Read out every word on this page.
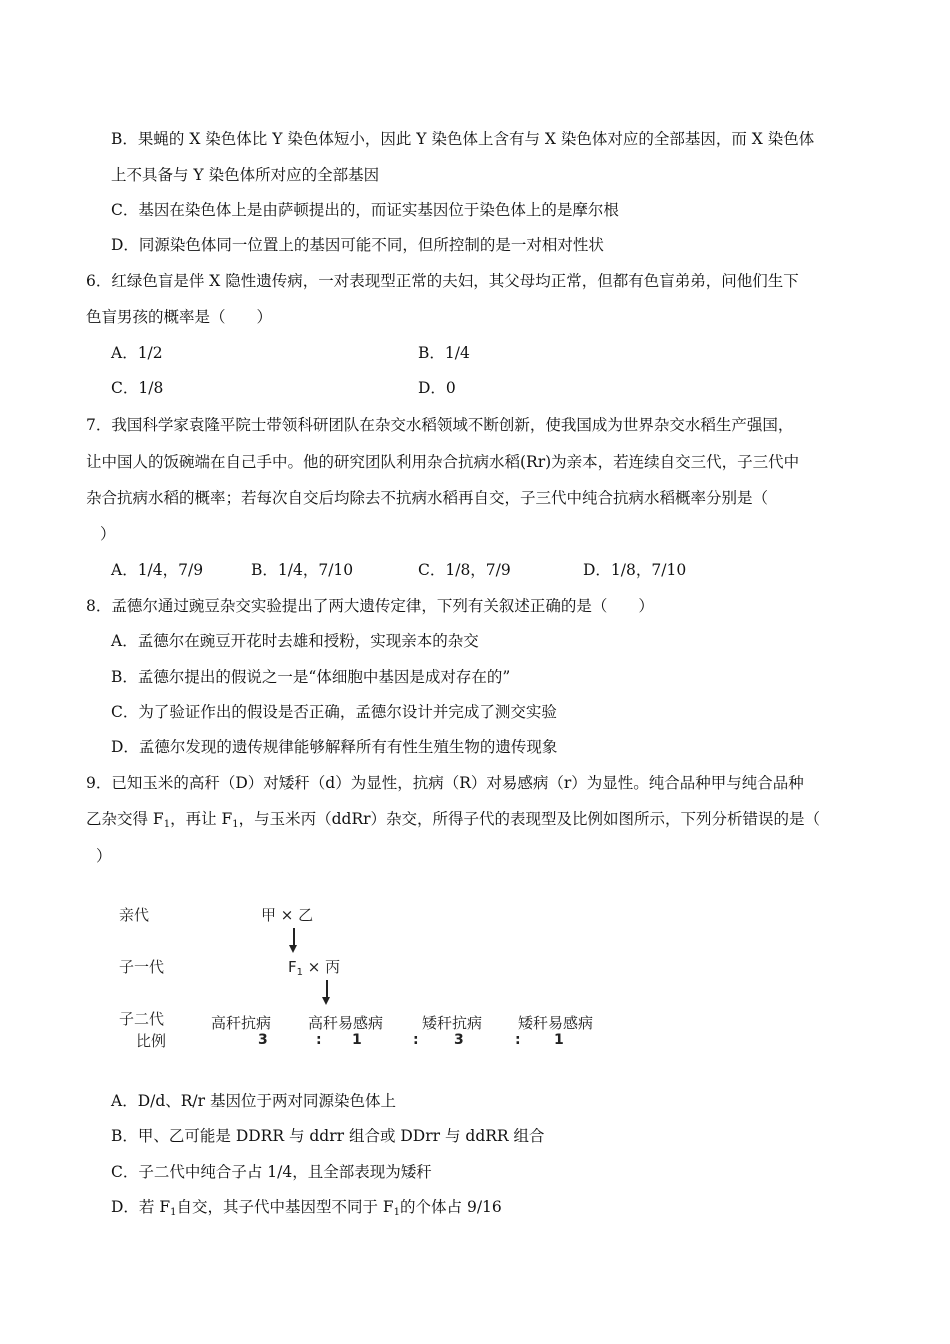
B．果蝇的 X 染色体比 Y 染色体短小，因此 Y 染色体上含有与 X 染色体对应的全部基因，而 X 染色体
上不具备与 Y 染色体所对应的全部基因
C．基因在染色体上是由萨顿提出的，而证实基因位于染色体上的是摩尔根
D．同源染色体同一位置上的基因可能不同，但所控制的是一对相对性状
6．红绿色盲是伴 X 隐性遗传病，一对表现型正常的夫妇，其父母均正常，但都有色盲弟弟，问他们生下
色盲男孩的概率是（　　）
A．1/2	B．1/4
C．1/8	D．0
7．我国科学家袁隆平院士带领科研团队在杂交水稻领域不断创新，使我国成为世界杂交水稻生产强国，
让中国人的饭碗端在自己手中。他的研究团队利用杂合抗病水稻(Rr)为亲本，若连续自交三代，子三代中
杂合抗病水稻的概率；若每次自交后均除去不抗病水稻再自交，子三代中纯合抗病水稻概率分别是（
）
A．1/4，7/9	B．1/4，7/10	C．1/8，7/9	D．1/8，7/10
8．孟德尔通过豌豆杂交实验提出了两大遗传定律，下列有关叙述正确的是（　　）
A．孟德尔在豌豆开花时去雄和授粉，实现亲本的杂交
B．孟德尔提出的假说之一是“体细胞中基因是成对存在的”
C．为了验证作出的假设是否正确，孟德尔设计并完成了测交实验
D．孟德尔发现的遗传规律能够解释所有有性生殖生物的遗传现象
9．已知玉米的高秆（D）对矮秆（d）为显性，抗病（R）对易感病（r）为显性。纯合品种甲与纯合品种
乙杂交得 $F_1$，再让 $F_1$，与玉米丙（ddRr）杂交，所得子代的表现型及比例如图所示，下列分析错误的是（
）
亲代	甲 × 乙
子一代	$F_1$ × 丙
子二代	高秆抗病 高秆易感病	矮秆抗病 矮秆易感病
比例	3	: 1	:	3	: 1
A．D/d、R/r 基因位于两对同源染色体上
B．甲、乙可能是 DDRR 与 ddrr 组合或 DDrr 与 ddRR 组合
C．子二代中纯合子占 1/4，且全部表现为矮秆
D．若 $F_1$自交，其子代中基因型不同于 $F_1$的个体占 9/16
